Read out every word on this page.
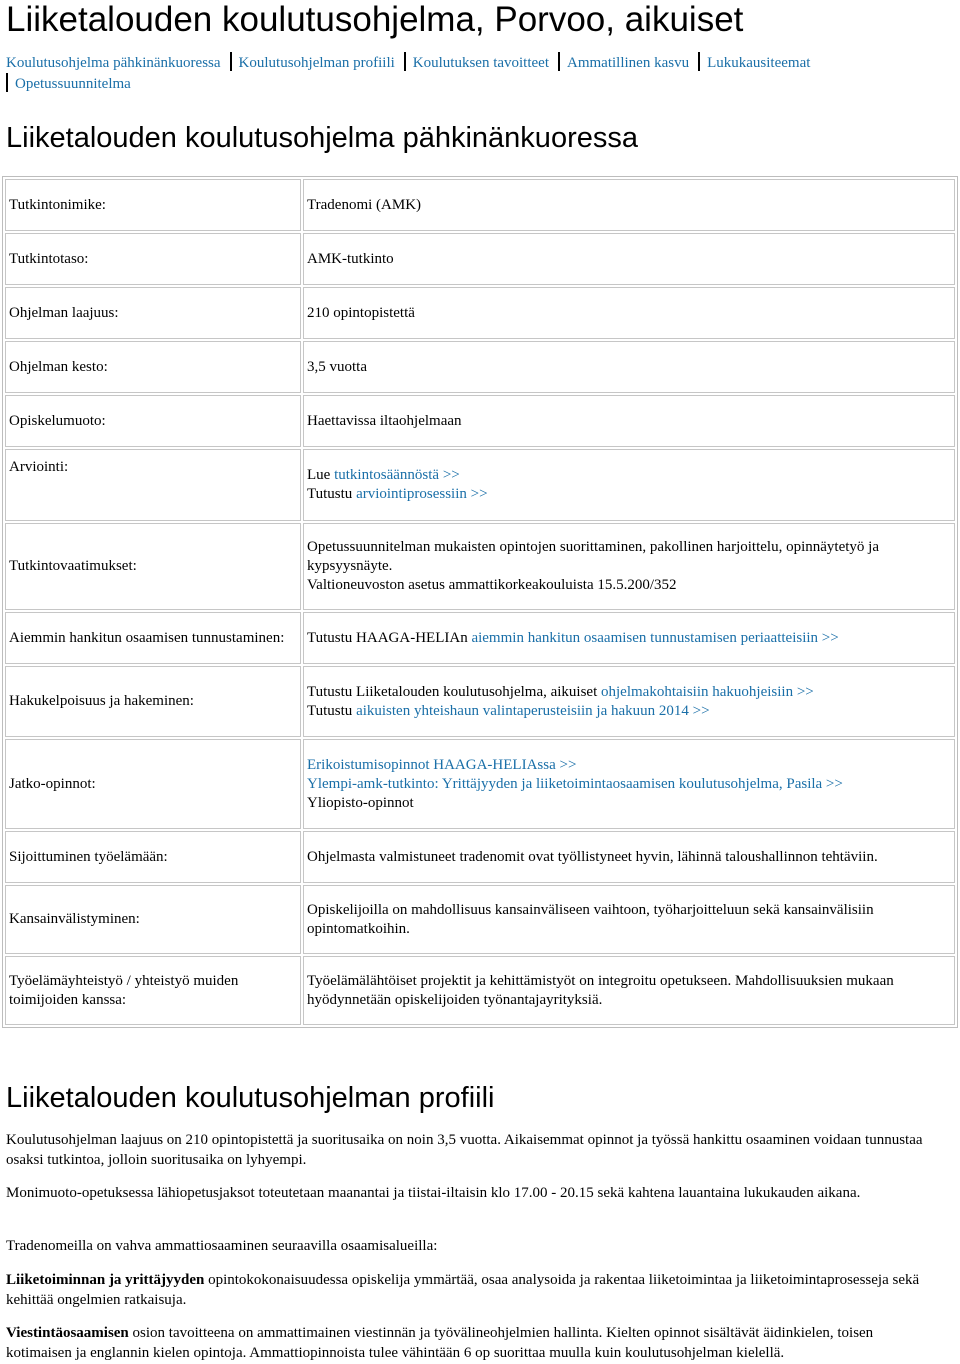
Liiketalouden koulutusohjelma, Porvoo, aikuiset
Koulutusohjelma pähkinänkuoressa Koulutusohjelman profiili Koulutuksen tavoitteet Ammatillinen kasvu Lukukausiteemat
Opetussuunnitelma
Liiketalouden koulutusohjelma pähkinänkuoressa
Tutkintonimike:	Tradenomi (AMK)
Tutkintotaso:	AMK-tutkinto
Ohjelman laajuus:	210 opintopistettä
Ohjelman kesto:	3,5 vuotta
Opiskelumuoto:	Haettavissa iltaohjelmaan
Arviointi:	Lue tutkintosäännöstä >>
Tutustu arviointiprosessiin >>

Tutkintovaatimukset:	Opetussuunnitelman mukaisten opintojen suorittaminen, pakollinen harjoittelu, opinnäytetyö ja kypsyysnäyte.
Valtioneuvoston asetus ammattikorkeakouluista 15.5.200/352

Aiemmin hankitun osaamisen tunnustaminen:	Tutustu HAAGA-HELIAn aiemmin hankitun osaamisen tunnustamisen periaatteisiin >>
Hakukelpoisuus ja hakeminen:	Tutustu Liiketalouden koulutusohjelma, aikuiset ohjelmakohtaisiin hakuohjeisiin >>
Tutustu aikuisten yhteishaun valintaperusteisiin ja hakuun 2014 >>

Jatko-opinnot:	Erikoistumisopinnot HAAGA-HELIAssa >>
Ylempi-amk-tutkinto: Yrittäjyyden ja liiketoimintaosaamisen koulutusohjelma, Pasila >>
Yliopisto-opinnot

Sijoittuminen työelämään:	Ohjelmasta valmistuneet tradenomit ovat työllistyneet hyvin, lähinnä taloushallinnon tehtäviin.
Kansainvälistyminen:	Opiskelijoilla on mahdollisuus kansainväliseen vaihtoon, työharjoitteluun sekä kansainvälisiin opintomatkoihin.
Työelämäyhteistyö / yhteistyö muiden toimijoiden kanssa:	Työelämälähtöiset projektit ja kehittämistyöt on integroitu opetukseen. Mahdollisuuksien mukaan hyödynnetään opiskelijoiden työnantajayrityksiä.
Liiketalouden koulutusohjelman profiili

Koulutusohjelman laajuus on 210 opintopistettä ja suoritusaika on noin 3,5 vuotta. Aikaisemmat opinnot ja työssä hankittu osaaminen voidaan tunnustaa osaksi tutkintoa, jolloin suoritusaika on lyhyempi.

Monimuoto-opetuksessa lähiopetusjaksot toteutetaan maanantai ja tiistai-iltaisin klo 17.00 - 20.15 sekä kahtena lauantaina lukukauden aikana.

Tradenomeilla on vahva ammattiosaaminen seuraavilla osaamisalueilla:

Liiketoiminnan ja yrittäjyyden opintokokonaisuudessa opiskelija ymmärtää, osaa analysoida ja rakentaa liiketoimintaa ja liiketoimintaprosesseja sekä kehittää ongelmien ratkaisuja.

Viestintäosaamisen osion tavoitteena on ammattimainen viestinnän ja työvälineohjelmien hallinta. Kielten opinnot sisältävät äidinkielen, toisen kotimaisen ja englannin kielen opintoja. Ammattiopinnoista tulee vähintään 6 op suorittaa muulla kuin koulutusohjelman kielellä.
